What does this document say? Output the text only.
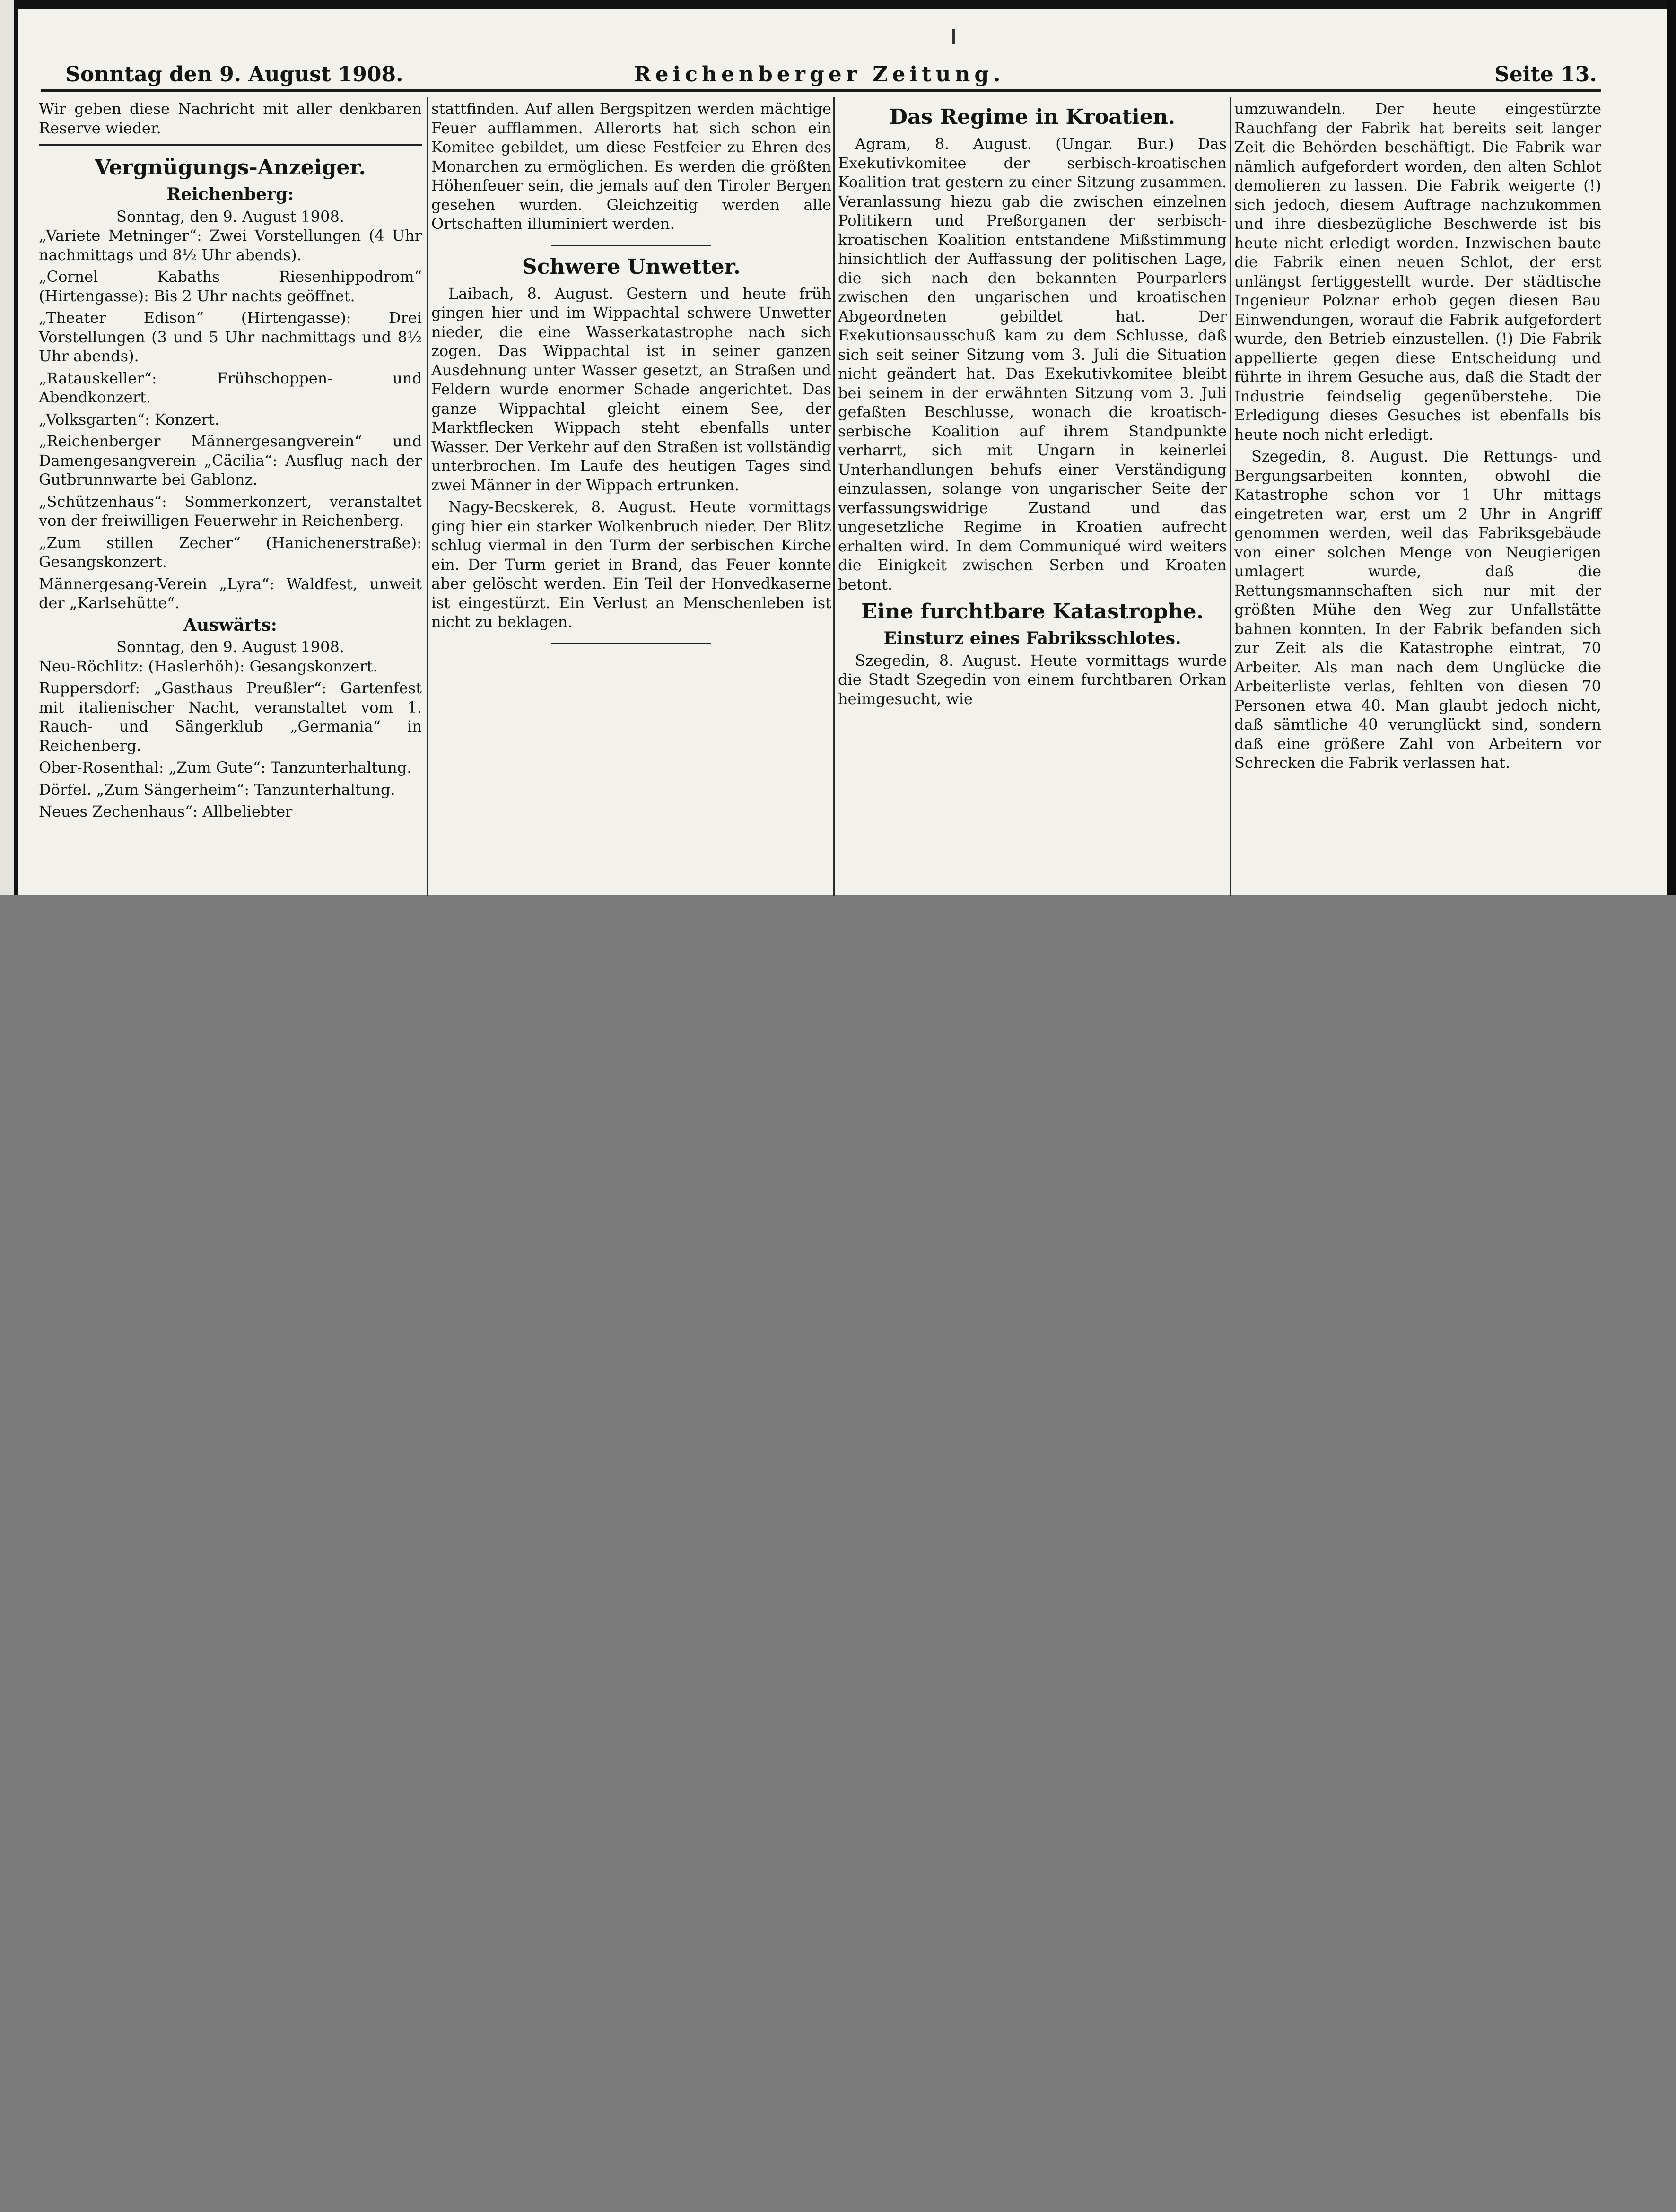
Sonntag den 9. August 1908.	Reichenberger Zeitung.	Seite 13.

Wir geben diese Nachricht mit aller denkbaren Reserve wieder.

Vergnügungs-Anzeiger.
Reichenberg:

Sonntag, den 9. August 1908.

„Variete Metninger“: Zwei Vorstellungen (4 Uhr nachmittags und 8½ Uhr abends).

„Cornel Kabaths Riesenhippodrom“ (Hirtengasse): Bis 2 Uhr nachts geöffnet.

„Theater Edison“ (Hirtengasse): Drei Vorstellungen (3 und 5 Uhr nachmittags und 8½ Uhr abends).

„Ratauskeller“: Frühschoppen- und Abendkonzert.

„Volksgarten“: Konzert.

„Reichenberger Männergesangverein“ und Damengesangverein „Cäcilia“: Ausflug nach der Gutbrunnwarte bei Gablonz.

„Schützenhaus“: Sommerkonzert, veranstaltet von der freiwilligen Feuerwehr in Reichenberg.

„Zum stillen Zecher“ (Hanichenerstraße): Gesangskonzert.

Männergesang-Verein „Lyra“: Waldfest, unweit der „Karlsehütte“.

Auswärts:

Sonntag, den 9. August 1908.

Neu-Röchlitz: (Haslerhöh): Gesangskonzert.

Ruppersdorf: „Gasthaus Preußler“: Gartenfest mit italienischer Nacht, veranstaltet vom 1. Rauch- und Sängerklub „Germania“ in Reichenberg.

Ober-Rosenthal: „Zum Gute“: Tanzunterhaltung.

Dörfel. „Zum Sängerheim“: Tanzunterhaltung.

Neues Zechenhaus“: Allbeliebter

stattfinden. Auf allen Bergspitzen werden mächtige Feuer aufflammen. Allerorts hat sich schon ein Komitee gebildet, um diese Festfeier zu Ehren des Monarchen zu ermöglichen. Es werden die größten Höhenfeuer sein, die jemals auf den Tiroler Bergen gesehen wurden. Gleichzeitig werden alle Ortschaften illuminiert werden.

Schwere Unwetter.

Laibach, 8. August. Gestern und heute früh gingen hier und im Wippachtal schwere Unwetter nieder, die eine Wasserkatastrophe nach sich zogen. Das Wippachtal ist in seiner ganzen Ausdehnung unter Wasser gesetzt, an Straßen und Feldern wurde enormer Schade angerichtet. Das ganze Wippachtal gleicht einem See, der Marktflecken Wippach steht ebenfalls unter Wasser. Der Verkehr auf den Straßen ist vollständig unterbrochen. Im Laufe des heutigen Tages sind zwei Männer in der Wippach ertrunken.

Nagy-Becskerek, 8. August. Heute vormittags ging hier ein starker Wolkenbruch nieder. Der Blitz schlug viermal in den Turm der serbischen Kirche ein. Der Turm geriet in Brand, das Feuer konnte aber gelöscht werden. Ein Teil der Honvedkaserne ist eingestürzt. Ein Verlust an Menschenleben ist nicht zu beklagen.

Das Regime in Kroatien.

Agram, 8. August. (Ungar. Bur.) Das Exekutivkomitee der serbisch-kroatischen Koalition trat gestern zu einer Sitzung zusammen. Veranlassung hiezu gab die zwischen einzelnen Politikern und Preßorganen der serbisch-kroatischen Koalition entstandene Mißstimmung hinsichtlich der Auffassung der politischen Lage, die sich nach den bekannten Pourparlers zwischen den ungarischen und kroatischen Abgeordneten gebildet hat. Der Exekutionsausschuß kam zu dem Schlusse, daß sich seit seiner Sitzung vom 3. Juli die Situation nicht geändert hat. Das Exekutivkomitee bleibt bei seinem in der erwähnten Sitzung vom 3. Juli gefaßten Beschlusse, wonach die kroatisch-serbische Koalition auf ihrem Standpunkte verharrt, sich mit Ungarn in keinerlei Unterhandlungen behufs einer Verständigung einzulassen, solange von ungarischer Seite der verfassungswidrige Zustand und das ungesetzliche Regime in Kroatien aufrecht erhalten wird. In dem Communiqué wird weiters die Einigkeit zwischen Serben und Kroaten betont.

Eine furchtbare Katastrophe.
Einsturz eines Fabriksschlotes.

Szegedin, 8. August. Heute vormittags wurde die Stadt Szegedin von einem furchtbaren Orkan heimgesucht, wie

umzuwandeln. Der heute eingestürzte Rauchfang der Fabrik hat bereits seit langer Zeit die Behörden beschäftigt. Die Fabrik war nämlich aufgefordert worden, den alten Schlot demolieren zu lassen. Die Fabrik weigerte (!) sich jedoch, diesem Auftrage nachzukommen und ihre diesbezügliche Beschwerde ist bis heute nicht erledigt worden. Inzwischen baute die Fabrik einen neuen Schlot, der erst unlängst fertiggestellt wurde. Der städtische Ingenieur Polznar erhob gegen diesen Bau Einwendungen, worauf die Fabrik aufgefordert wurde, den Betrieb einzustellen. (!) Die Fabrik appellierte gegen diese Entscheidung und führte in ihrem Gesuche aus, daß die Stadt der Industrie feindselig gegenüberstehe. Die Erledigung dieses Gesuches ist ebenfalls bis heute noch nicht erledigt.

Szegedin, 8. August. Die Rettungs- und Bergungsarbeiten konnten, obwohl die Katastrophe schon vor 1 Uhr mittags eingetreten war, erst um 2 Uhr in Angriff genommen werden, weil das Fabriksgebäude von einer solchen Menge von Neugierigen umlagert wurde, daß die Rettungsmannschaften sich nur mit der größten Mühe den Weg zur Unfallstätte bahnen konnten. In der Fabrik befanden sich zur Zeit als die Katastrophe eintrat, 70 Arbeiter. Als man nach dem Unglücke die Arbeiterliste verlas, fehlten von diesen 70 Personen etwa 40. Man glaubt jedoch nicht, daß sämtliche 40 verunglückt sind, sondern daß eine größere Zahl von Arbeitern vor Schrecken die Fabrik verlassen hat.
